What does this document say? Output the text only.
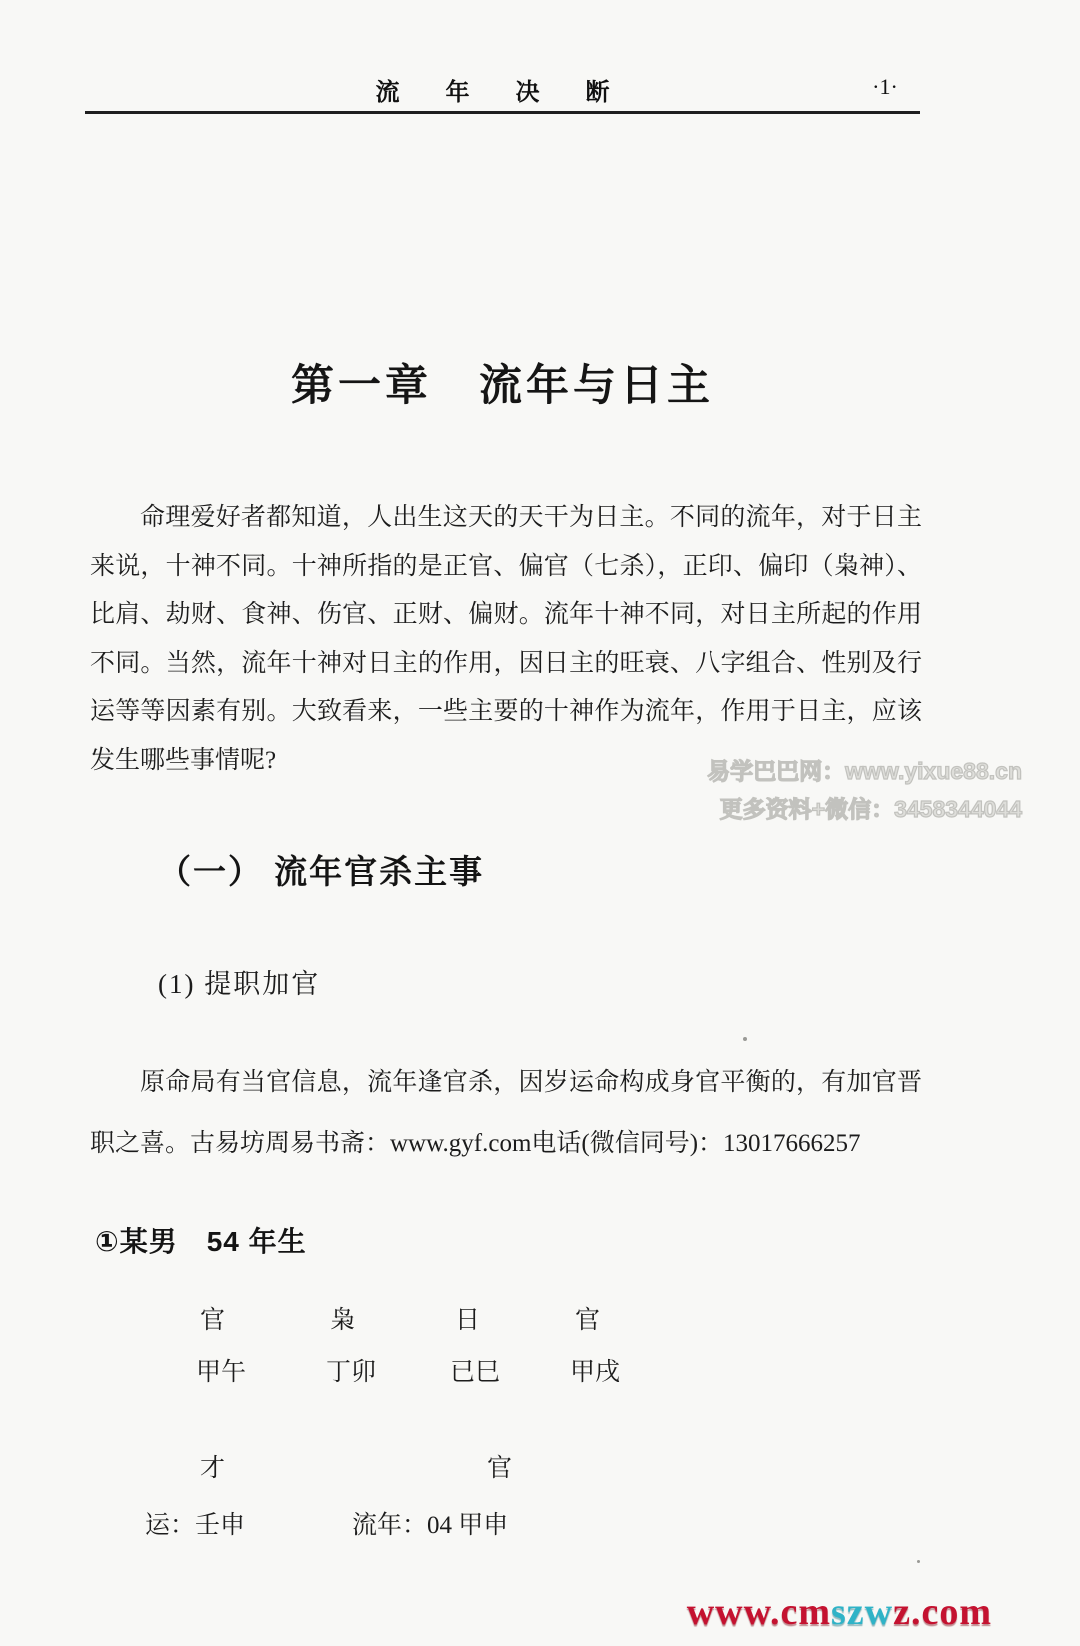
流 年 决 断	·1·
第一章　流年与日主
命理爱好者都知道，人出生这天的天干为日主。不同的流年，对于日主
来说，十神不同。十神所指的是正官、偏官（七杀），正印、偏印（枭神）、
比肩、劫财、食神、伤官、正财、偏财。流年十神不同，对日主所起的作用
不同。当然，流年十神对日主的作用，因日主的旺衰、八字组合、性别及行
运等等因素有别。大致看来，一些主要的十神作为流年，作用于日主，应该
发生哪些事情呢?	易学巴巴网：www.yixue88.cn
更多资料+微信：3458344044
（一） 流年官杀主事
(1) 提职加官
原命局有当官信息，流年逢官杀，因岁运命构成身官平衡的，有加官晋
职之喜。古易坊周易书斋：www.gyf.com电话(微信同号)：13017666257
①某男　54 年生
官	枭	日	官
甲午	丁卯	已巳	甲戌
才	官
运：壬申	流年：04 甲申
www.cmszwz.com
